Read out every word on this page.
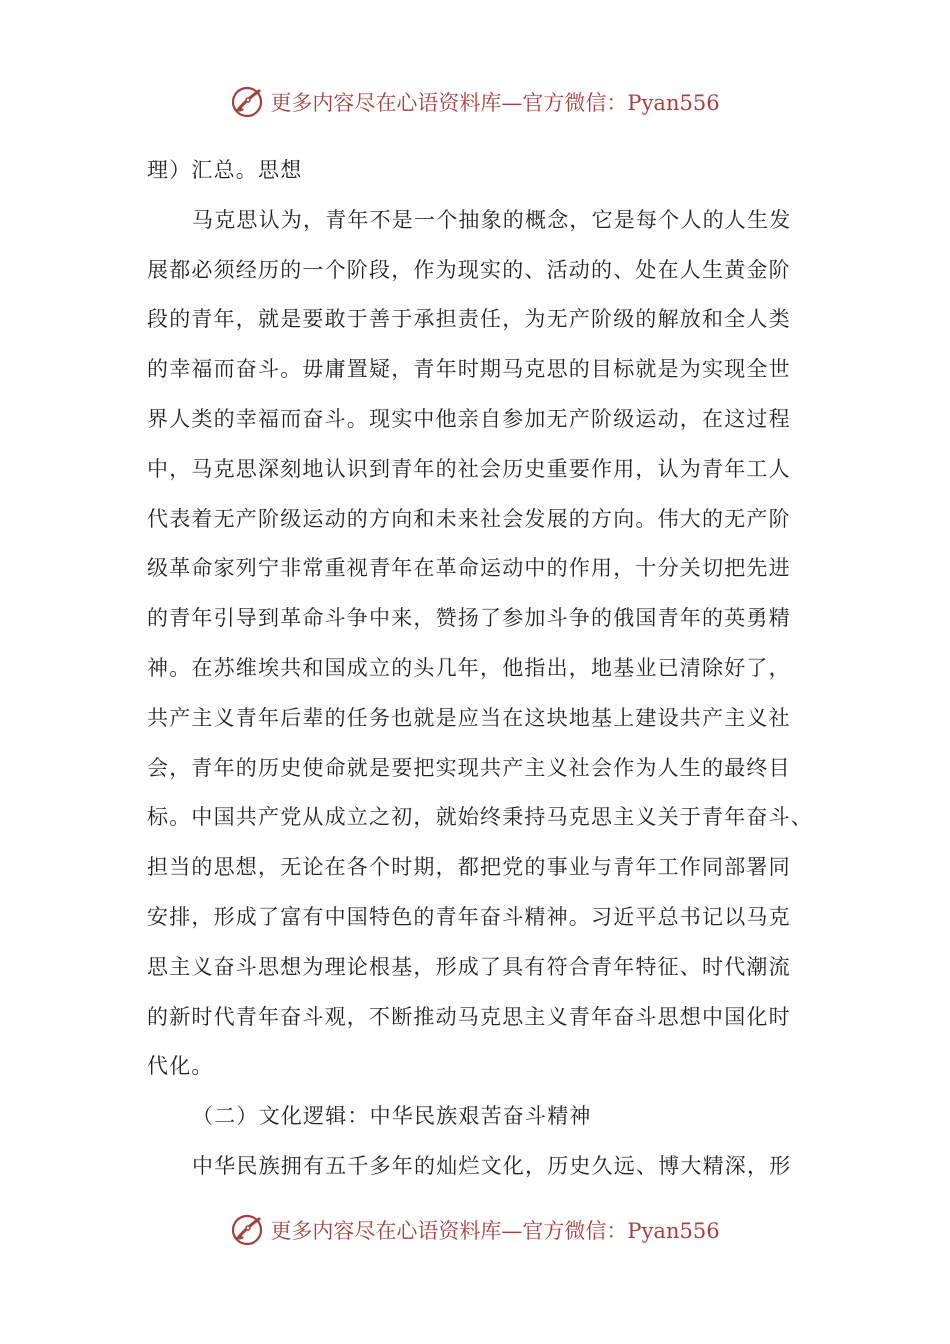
更多内容尽在心语资料库—官方微信：Pyan556
理）汇总。思想
马克思认为，青年不是一个抽象的概念，它是每个人的人生发
展都必须经历的一个阶段，作为现实的、活动的、处在人生黄金阶
段的青年，就是要敢于善于承担责任，为无产阶级的解放和全人类
的幸福而奋斗。毋庸置疑，青年时期马克思的目标就是为实现全世
界人类的幸福而奋斗。现实中他亲自参加无产阶级运动，在这过程
中，马克思深刻地认识到青年的社会历史重要作用，认为青年工人
代表着无产阶级运动的方向和未来社会发展的方向。伟大的无产阶
级革命家列宁非常重视青年在革命运动中的作用，十分关切把先进
的青年引导到革命斗争中来，赞扬了参加斗争的俄国青年的英勇精
神。在苏维埃共和国成立的头几年，他指出，地基业已清除好了，
共产主义青年后辈的任务也就是应当在这块地基上建设共产主义社
会，青年的历史使命就是要把实现共产主义社会作为人生的最终目
标。中国共产党从成立之初，就始终秉持马克思主义关于青年奋斗、
担当的思想，无论在各个时期，都把党的事业与青年工作同部署同
安排，形成了富有中国特色的青年奋斗精神。习近平总书记以马克
思主义奋斗思想为理论根基，形成了具有符合青年特征、时代潮流
的新时代青年奋斗观，不断推动马克思主义青年奋斗思想中国化时
代化。
（二）文化逻辑：中华民族艰苦奋斗精神
中华民族拥有五千多年的灿烂文化，历史久远、博大精深，形
更多内容尽在心语资料库—官方微信：Pyan556
